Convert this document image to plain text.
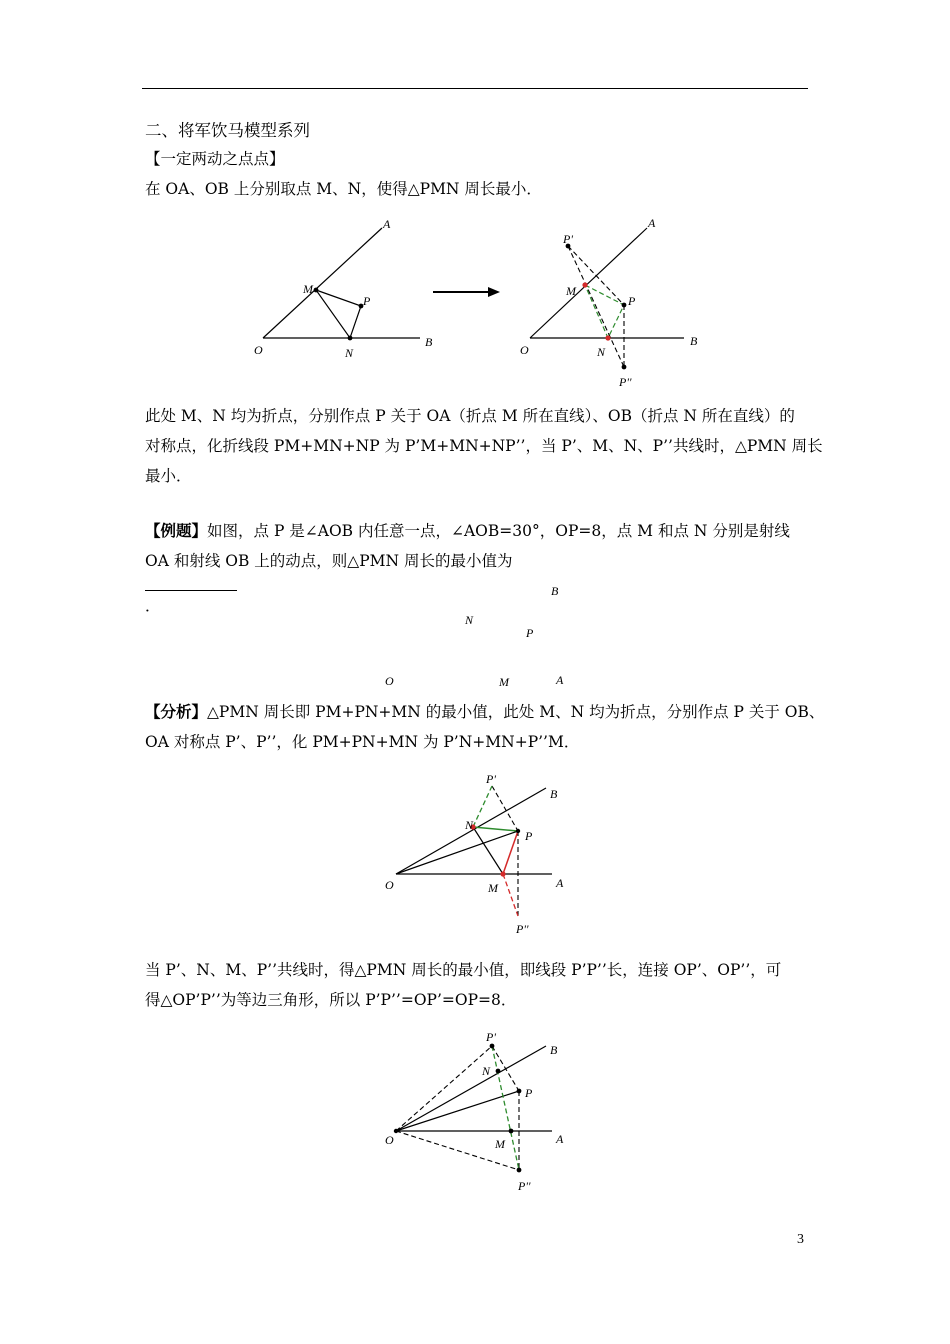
二、将军饮马模型系列
【一定两动之点点】
在 OA、OB 上分别取点 M、N，使得△PMN 周长最小．
O
A
B
M
P
N	O
A
B
M
P
N
P'
P''
此处 M、N 均为折点，分别作点 P 关于 OA（折点 M 所在直线）、OB（折点 N 所在直线）的
对称点，化折线段 PM+MN+NP 为 P’M+MN+NP’’，当 P’、M、N、P’’共线时，△PMN 周长
最小．
【例题】如图，点 P 是∠AOB 内任意一点，∠AOB=30°，OP=8，点 M 和点 N 分别是射线
OA 和射线 OB 上的动点，则△PMN 周长的最小值为
．
B
N
P
O	M	A
【分析】△PMN 周长即 PM+PN+MN 的最小值，此处 M、N 均为折点，分别作点 P 关于 OB、
OA 对称点 P’、P’’，化 PM+PN+MN 为 P’N+MN+P’’M．
P'
B
N
P
O	M	A
P''
当 P’、N、M、P’’共线时，得△PMN 周长的最小值，即线段 P’P’’长，连接 OP’、OP’’，可
得△OP’P’’为等边三角形，所以 P’P’’=OP’=OP=8．
P'
B
N
P
O	M	A
P''
3
